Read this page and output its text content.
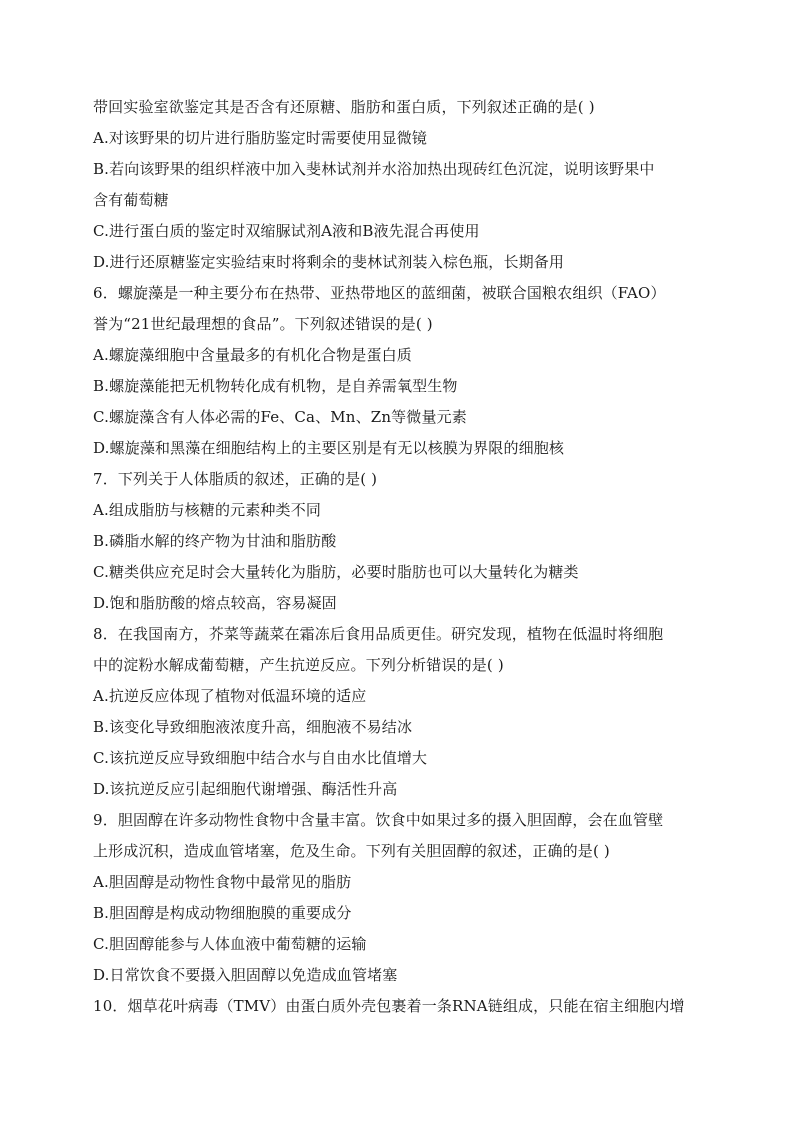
带回实验室欲鉴定其是否含有还原糖、脂肪和蛋白质，下列叙述正确的是( )
A.对该野果的切片进行脂肪鉴定时需要使用显微镜
B.若向该野果的组织样液中加入斐林试剂并水浴加热出现砖红色沉淀，说明该野果中
含有葡萄糖
C.进行蛋白质的鉴定时双缩脲试剂A液和B液先混合再使用
D.进行还原糖鉴定实验结束时将剩余的斐林试剂装入棕色瓶，长期备用
6．螺旋藻是一种主要分布在热带、亚热带地区的蓝细菌，被联合国粮农组织（FAO）
誉为“21世纪最理想的食品”。下列叙述错误的是( )
A.螺旋藻细胞中含量最多的有机化合物是蛋白质
B.螺旋藻能把无机物转化成有机物，是自养需氧型生物
C.螺旋藻含有人体必需的Fe、Ca、Mn、Zn等微量元素
D.螺旋藻和黑藻在细胞结构上的主要区别是有无以核膜为界限的细胞核
7．下列关于人体脂质的叙述，正确的是( )
A.组成脂肪与核糖的元素种类不同
B.磷脂水解的终产物为甘油和脂肪酸
C.糖类供应充足时会大量转化为脂肪，必要时脂肪也可以大量转化为糖类
D.饱和脂肪酸的熔点较高，容易凝固
8．在我国南方，芥菜等蔬菜在霜冻后食用品质更佳。研究发现，植物在低温时将细胞
中的淀粉水解成葡萄糖，产生抗逆反应。下列分析错误的是( )
A.抗逆反应体现了植物对低温环境的适应
B.该变化导致细胞液浓度升高，细胞液不易结冰
C.该抗逆反应导致细胞中结合水与自由水比值增大
D.该抗逆反应引起细胞代谢增强、酶活性升高
9．胆固醇在许多动物性食物中含量丰富。饮食中如果过多的摄入胆固醇，会在血管壁
上形成沉积，造成血管堵塞，危及生命。下列有关胆固醇的叙述，正确的是( )
A.胆固醇是动物性食物中最常见的脂肪
B.胆固醇是构成动物细胞膜的重要成分
C.胆固醇能参与人体血液中葡萄糖的运输
D.日常饮食不要摄入胆固醇以免造成血管堵塞
10．烟草花叶病毒（TMV）由蛋白质外壳包裹着一条RNA链组成，只能在宿主细胞内增
